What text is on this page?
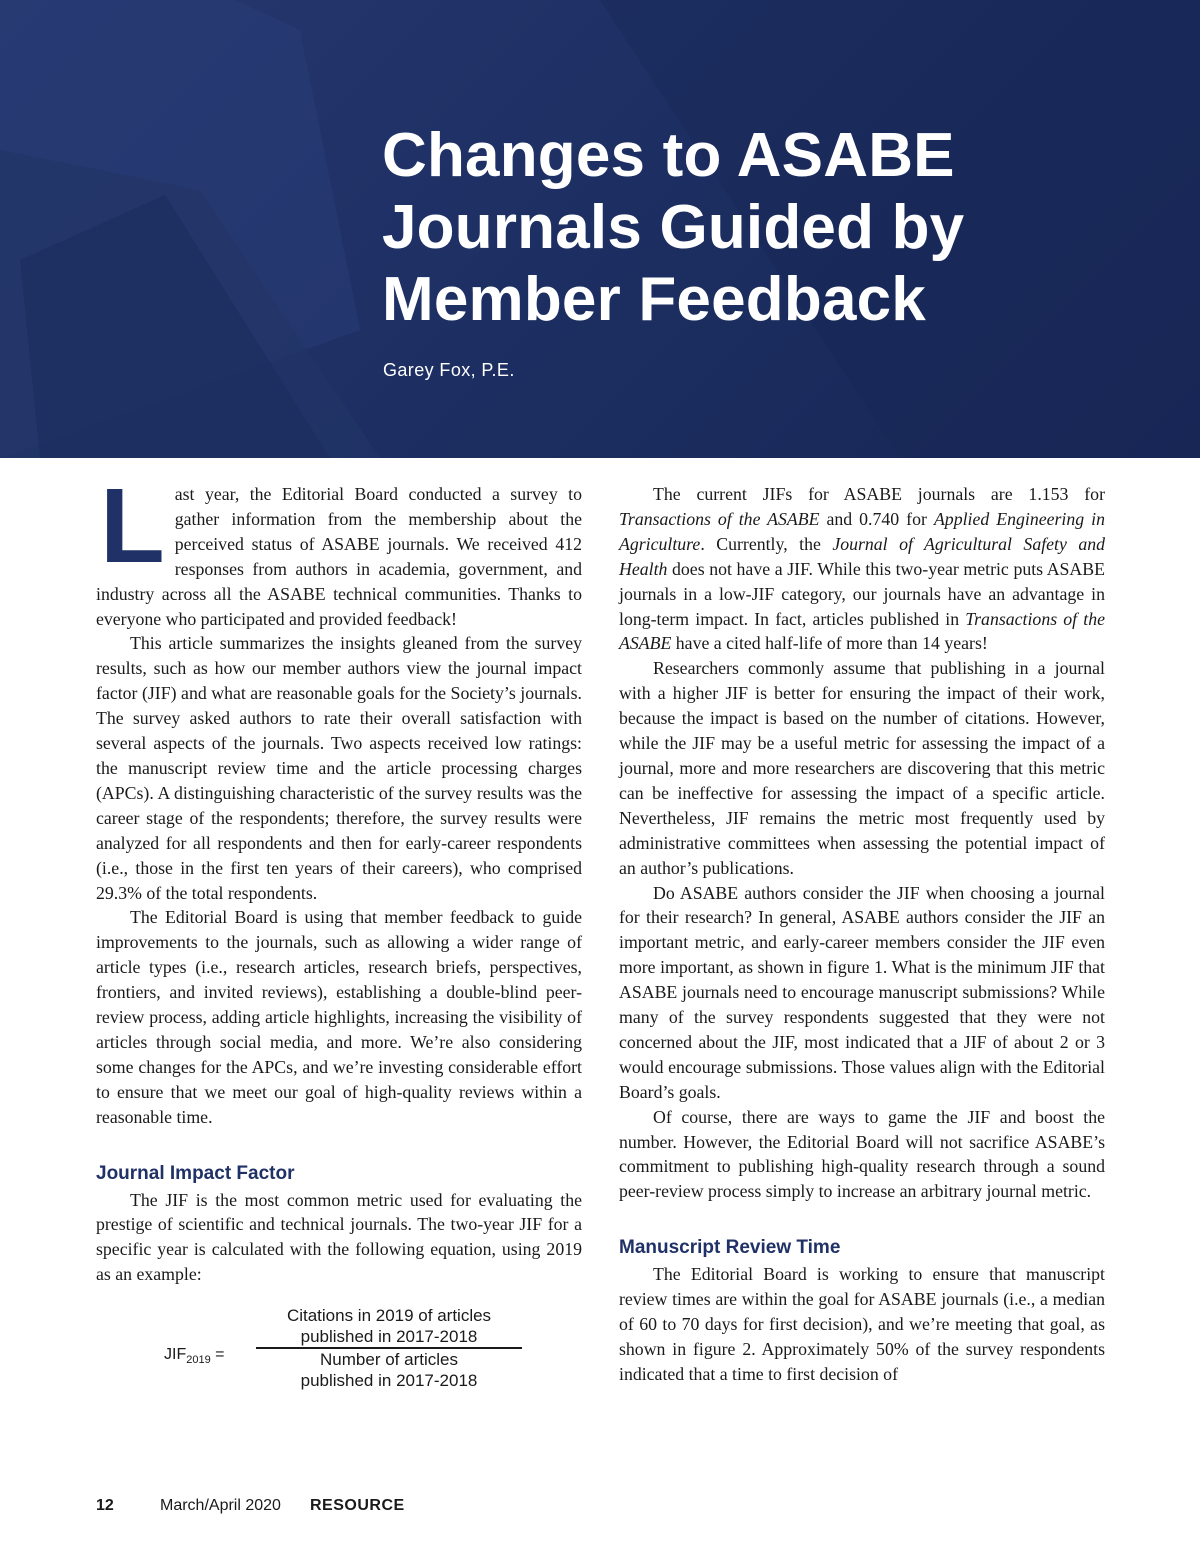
Changes to ASABE
Journals Guided by
Member Feedback
Garey Fox, P.E.

Last year, the Editorial Board conducted a survey to gather information from the membership about the perceived status of ASABE journals. We received 412 responses from authors in academia, government, and industry across all the ASABE technical communities. Thanks to everyone who participated and provided feedback!

This article summarizes the insights gleaned from the survey results, such as how our member authors view the journal impact factor (JIF) and what are reasonable goals for the Society’s journals. The survey asked authors to rate their overall satisfaction with several aspects of the journals. Two aspects received low ratings: the manuscript review time and the article processing charges (APCs). A distinguishing characteristic of the survey results was the career stage of the respondents; therefore, the survey results were analyzed for all respondents and then for early-career respondents (i.e., those in the first ten years of their careers), who comprised 29.3% of the total respondents.

The Editorial Board is using that member feedback to guide improvements to the journals, such as allowing a wider range of article types (i.e., research articles, research briefs, perspectives, frontiers, and invited reviews), establishing a double-blind peer-review process, adding article highlights, increasing the visibility of articles through social media, and more. We’re also considering some changes for the APCs, and we’re investing considerable effort to ensure that we meet our goal of high-quality reviews within a reasonable time.

Journal Impact Factor

The JIF is the most common metric used for evaluating the prestige of scientific and technical journals. The two-year JIF for a specific year is calculated with the following equation, using 2019 as an example:

$JIF_{2019}$ =
Citations in 2019 of articles
published in 2017-2018
Number of articles
published in 2017-2018

The current JIFs for ASABE journals are 1.153 for Transactions of the ASABE and 0.740 for Applied Engineering in Agriculture. Currently, the Journal of Agricultural Safety and Health does not have a JIF. While this two-year metric puts ASABE journals in a low-JIF category, our journals have an advantage in long-term impact. In fact, articles published in Transactions of the ASABE have a cited half-life of more than 14 years!

Researchers commonly assume that publishing in a journal with a higher JIF is better for ensuring the impact of their work, because the impact is based on the number of citations. However, while the JIF may be a useful metric for assessing the impact of a journal, more and more researchers are discovering that this metric can be ineffective for assessing the impact of a specific article. Nevertheless, JIF remains the metric most frequently used by administrative committees when assessing the potential impact of an author’s publications.

Do ASABE authors consider the JIF when choosing a journal for their research? In general, ASABE authors consider the JIF an important metric, and early-career members consider the JIF even more important, as shown in figure 1. What is the minimum JIF that ASABE journals need to encourage manuscript submissions? While many of the survey respondents suggested that they were not concerned about the JIF, most indicated that a JIF of about 2 or 3 would encourage submissions. Those values align with the Editorial Board’s goals.

Of course, there are ways to game the JIF and boost the number. However, the Editorial Board will not sacrifice ASABE’s commitment to publishing high-quality research through a sound peer-review process simply to increase an arbitrary journal metric.

Manuscript Review Time

The Editorial Board is working to ensure that manuscript review times are within the goal for ASABE journals (i.e., a median of 60 to 70 days for first decision), and we’re meeting that goal, as shown in figure 2. Approximately 50% of the survey respondents indicated that a time to first decision of

12	March/April 2020 RESOURCE
